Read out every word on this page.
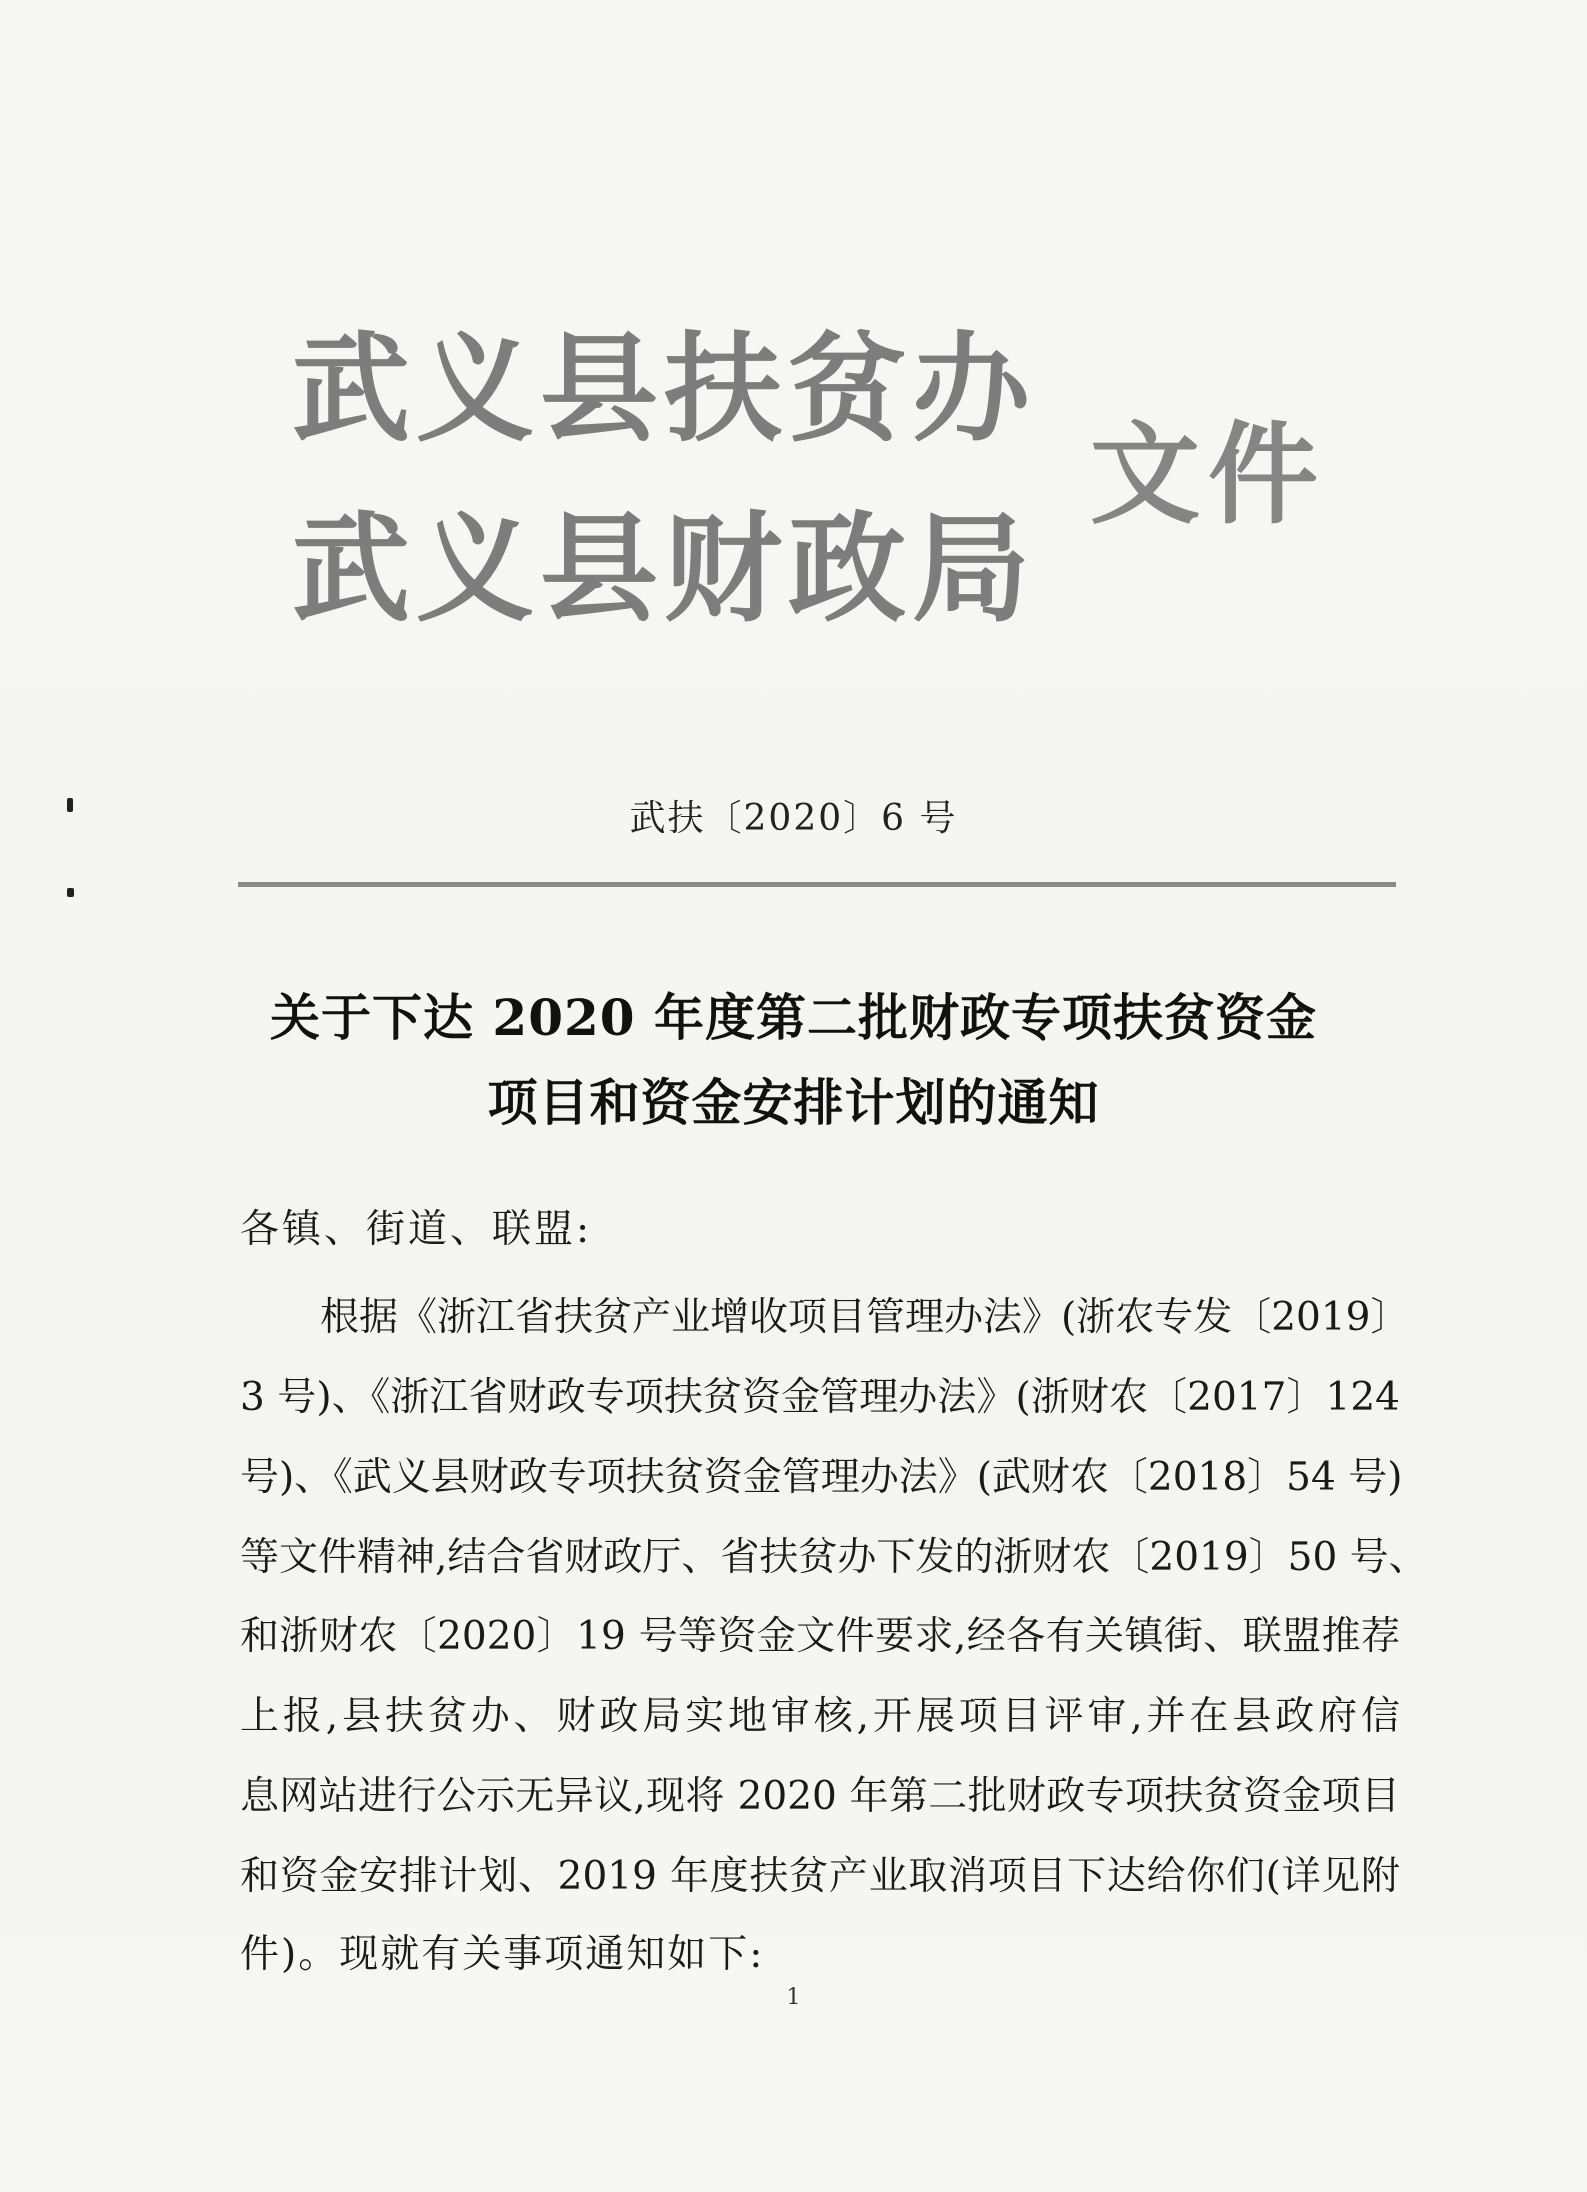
武义县扶贫办
武义县财政局
文件
武扶〔2020〕6 号
关于下达 2020 年度第二批财政专项扶贫资金
项目和资金安排计划的通知
各镇、街道、联盟:
根据《浙江省扶贫产业增收项目管理办法》(浙农专发〔2019〕
3 号)、《浙江省财政专项扶贫资金管理办法》(浙财农〔2017〕124
号)、《武义县财政专项扶贫资金管理办法》(武财农〔2018〕54 号)
等文件精神,结合省财政厅、省扶贫办下发的浙财农〔2019〕50 号、
和浙财农〔2020〕19 号等资金文件要求,经各有关镇街、联盟推荐
上报,县扶贫办、财政局实地审核,开展项目评审,并在县政府信
息网站进行公示无异议,现将 2020 年第二批财政专项扶贫资金项目
和资金安排计划、2019 年度扶贫产业取消项目下达给你们(详见附
件)。现就有关事项通知如下:
1
